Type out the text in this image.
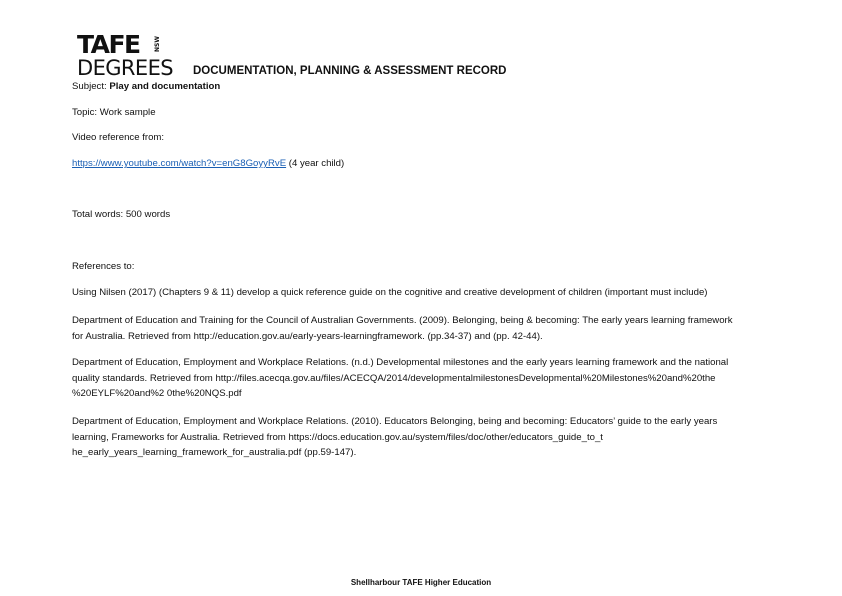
TAFE NSW
DEGREES DOCUMENTATION, PLANNING & ASSESSMENT RECORD
Subject: Play and documentation
Topic: Work sample
Video reference from:
https://www.youtube.com/watch?v=enG8GoyyRvE (4 year child)
Total words: 500 words
References to:
Using Nilsen (2017) (Chapters 9 & 11) develop a quick reference guide on the cognitive and creative development of children (important must include)
Department of Education and Training for the Council of Australian Governments. (2009). Belonging, being & becoming: The early years learning framework
for Australia. Retrieved from http://education.gov.au/early-years-learningframework. (pp.34-37) and (pp. 42-44).
Department of Education, Employment and Workplace Relations. (n.d.) Developmental milestones and the early years learning framework and the national
quality standards. Retrieved from http://files.acecqa.gov.au/files/ACECQA/2014/developmentalmilestonesDevelopmental%20Milestones%20and%20the
%20EYLF%20and%2 0the%20NQS.pdf
Department of Education, Employment and Workplace Relations. (2010). Educators Belonging, being and becoming: Educators’ guide to the early years
learning, Frameworks for Australia. Retrieved from https://docs.education.gov.au/system/files/doc/other/educators_guide_to_t
he_early_years_learning_framework_for_australia.pdf (pp.59-147).
Shellharbour TAFE Higher Education
